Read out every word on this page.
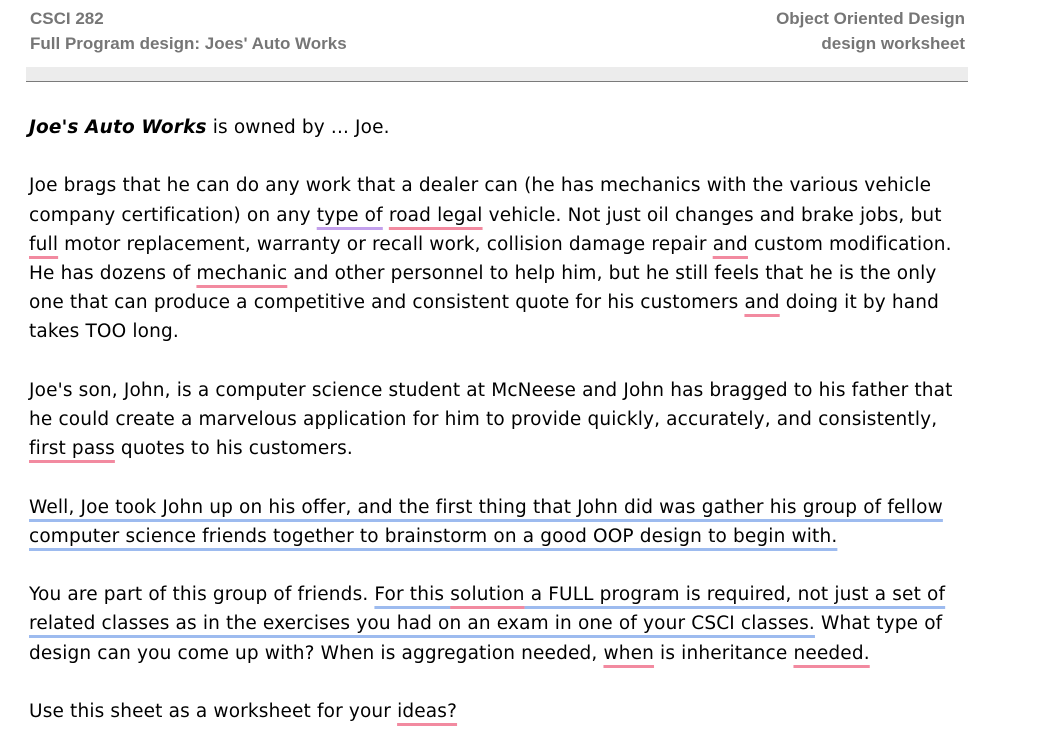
CSCI 282
Full Program design: Joes' Auto Works
Object Oriented Design
design worksheet

Joe's Auto Works is owned by ... Joe.

Joe brags that he can do any work that a dealer can (he has mechanics with the various vehicle company certification) on any type of road legal vehicle. Not just oil changes and brake jobs, but full motor replacement, warranty or recall work, collision damage repair and custom modification. He has dozens of mechanic and other personnel to help him, but he still feels that he is the only one that can produce a competitive and consistent quote for his customers and doing it by hand takes TOO long.

Joe's son, John, is a computer science student at McNeese and John has bragged to his father that he could create a marvelous application for him to provide quickly, accurately, and consistently, first pass quotes to his customers.

Well, Joe took John up on his offer, and the first thing that John did was gather his group of fellow computer science friends together to brainstorm on a good OOP design to begin with.

You are part of this group of friends. For this solution a FULL program is required, not just a set of related classes as in the exercises you had on an exam in one of your CSCI classes. What type of design can you come up with? When is aggregation needed, when is inheritance needed.

Use this sheet as a worksheet for your ideas?
